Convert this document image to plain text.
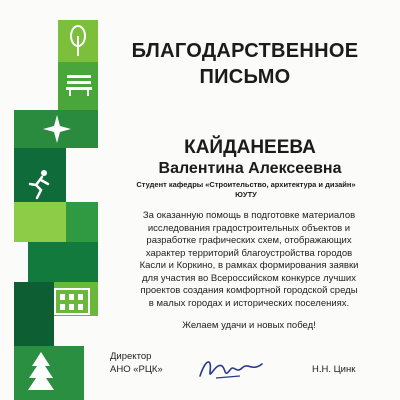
БЛАГОДАРСТВЕННОЕ
ПИСЬМО
КАЙДАНЕЕВА
Валентина Алексеевна
Студент кафедры «Строительство, архитектура и дизайн»
ЮУТУ
За оказанную помощь в подготовке материалов
исследования градостроительных объектов и
разработке графических схем, отображающих
характер территорий благоустройства городов
Касли и Коркино, в рамках формирования заявки
для участия во Всероссийском конкурсе лучших
проектов создания комфортной городской среды
в малых городах и исторических поселениях.
Желаем удачи и новых побед!
Директор
АНО «РЦК»	Н.Н. Цинк
